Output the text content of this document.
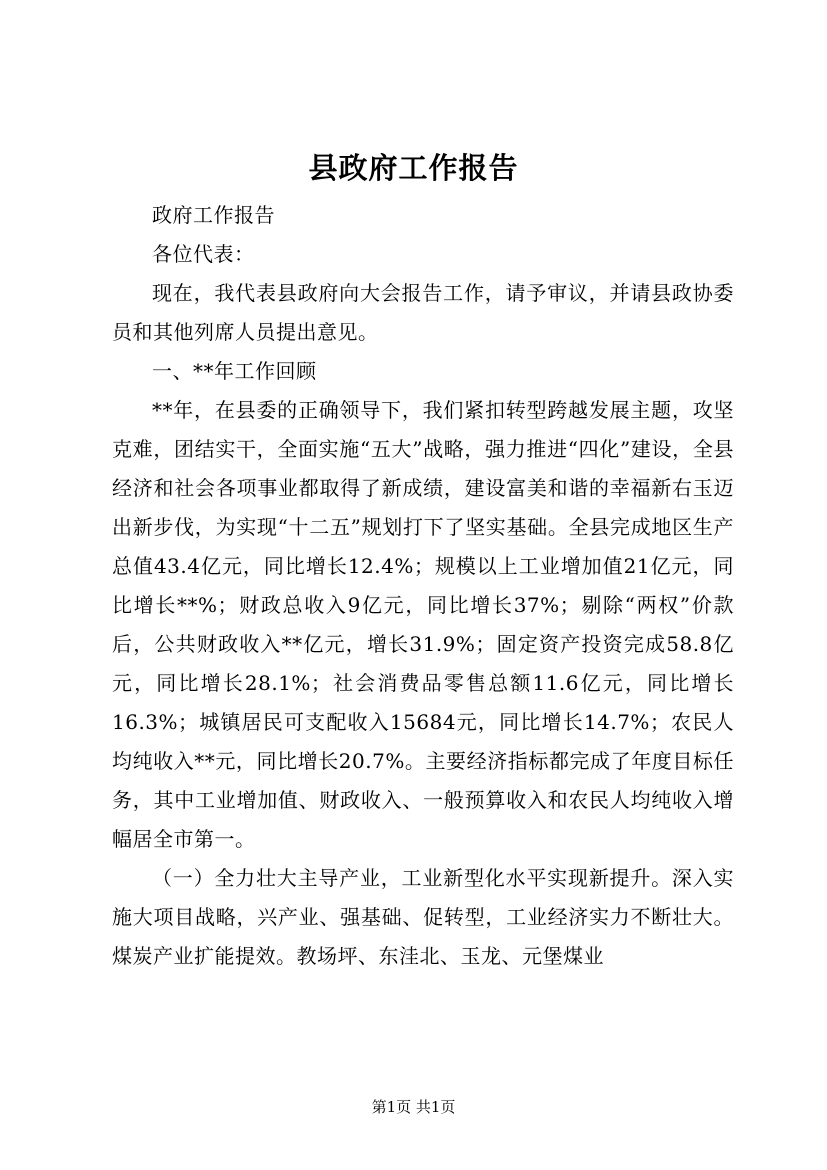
县政府工作报告

政府工作报告

各位代表：

现在，我代表县政府向大会报告工作，请予审议，并请县政协委员和其他列席人员提出意见。

一、**年工作回顾

**年，在县委的正确领导下，我们紧扣转型跨越发展主题，攻坚克难，团结实干，全面实施“五大”战略，强力推进“四化”建设，全县经济和社会各项事业都取得了新成绩，建设富美和谐的幸福新右玉迈出新步伐，为实现“十二五”规划打下了坚实基础。全县完成地区生产总值43.4亿元，同比增长12.4%；规模以上工业增加值21亿元，同比增长**%；财政总收入9亿元，同比增长37%；剔除“两权”价款后，公共财政收入**亿元，增长31.9%；固定资产投资完成58.8亿元，同比增长28.1%；社会消费品零售总额11.6亿元，同比增长16.3%；城镇居民可支配收入15684元，同比增长14.7%；农民人均纯收入**元，同比增长20.7%。主要经济指标都完成了年度目标任务，其中工业增加值、财政收入、一般预算收入和农民人均纯收入增幅居全市第一。

（一）全力壮大主导产业，工业新型化水平实现新提升。深入实施大项目战略，兴产业、强基础、促转型，工业经济实力不断壮大。煤炭产业扩能提效。教场坪、东洼北、玉龙、元堡煤业

第1页 共1页
